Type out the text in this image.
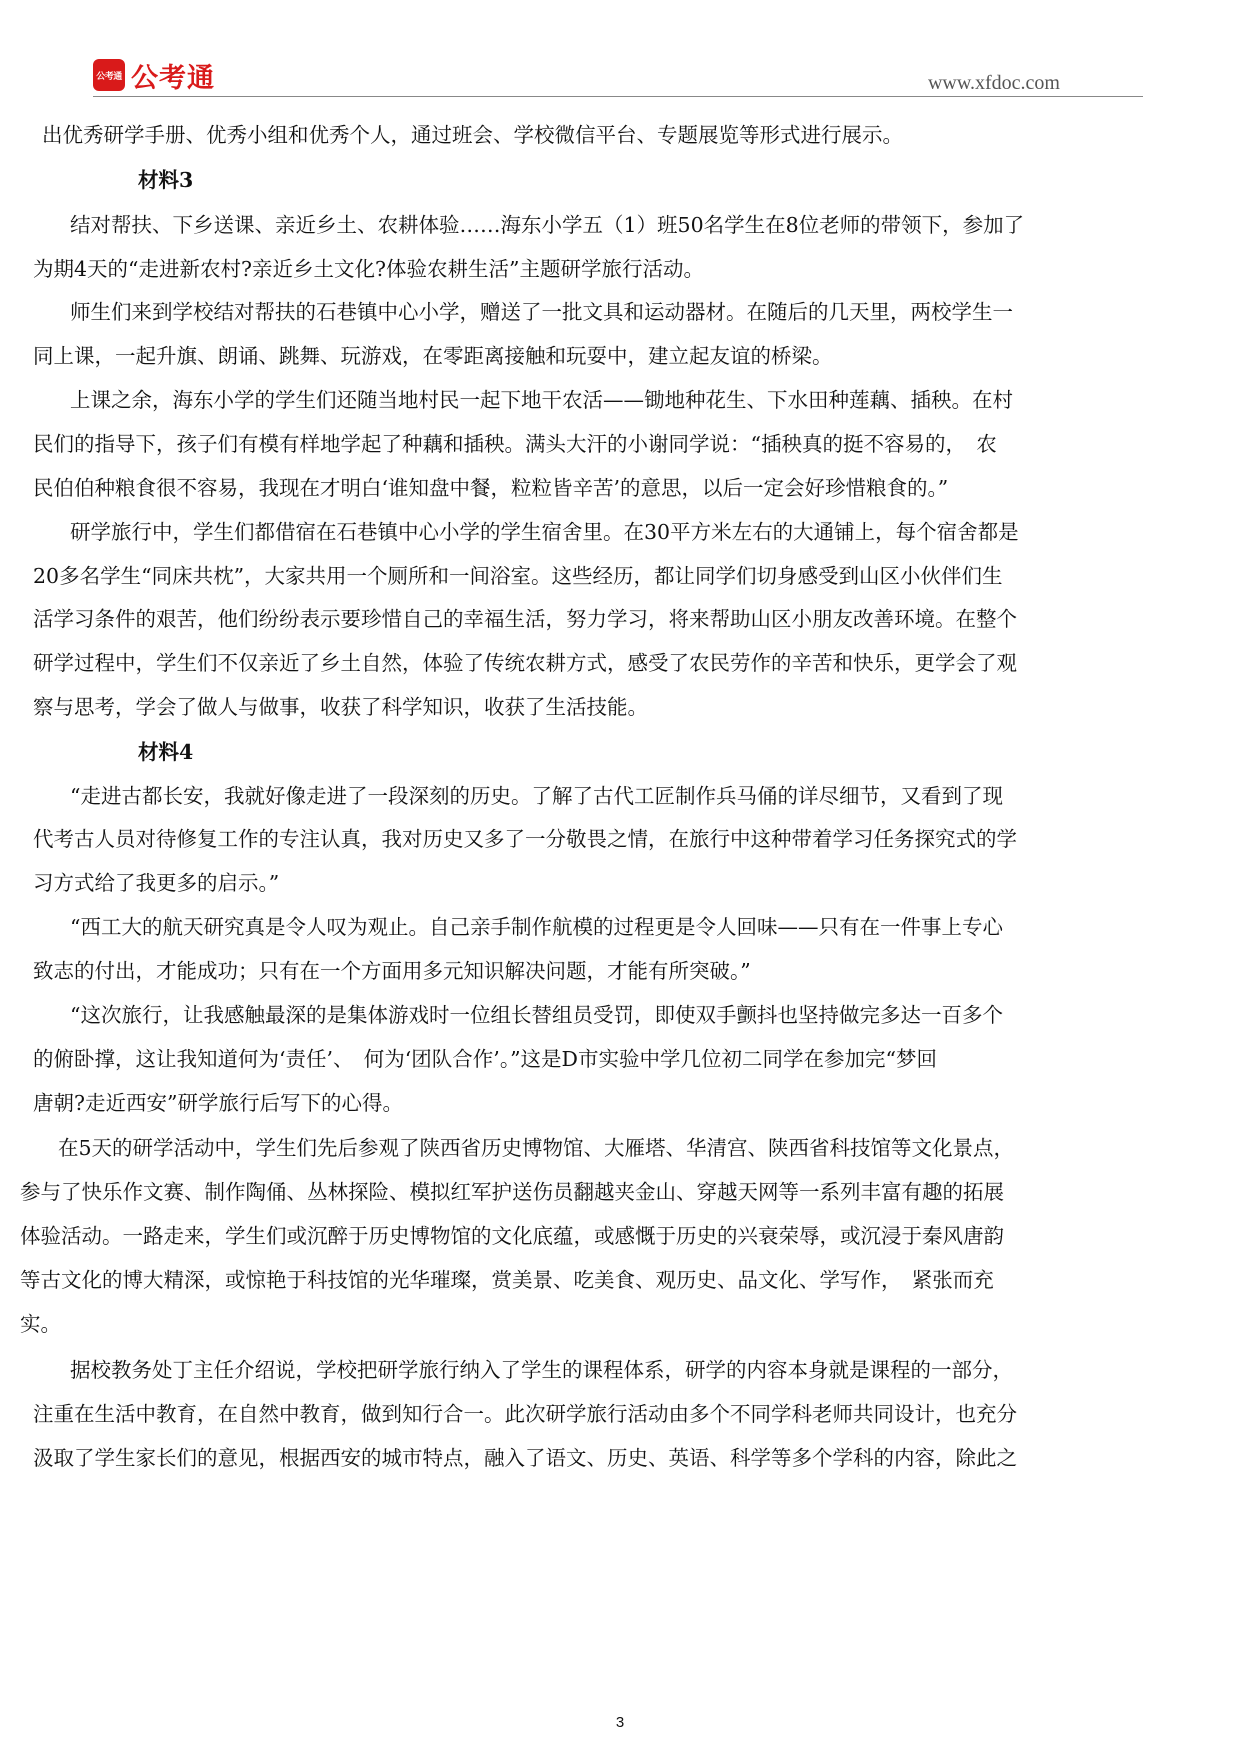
公考通 公考通	www.xfdoc.com
出优秀研学手册、优秀小组和优秀个人，通过班会、学校微信平台、专题展览等形式进行展示。
材料3
结对帮扶、下乡送课、亲近乡土、农耕体验……海东小学五（1）班50名学生在8位老师的带领下，参加了
为期4天的“走进新农村?亲近乡土文化?体验农耕生活”主题研学旅行活动。
师生们来到学校结对帮扶的石巷镇中心小学，赠送了一批文具和运动器材。在随后的几天里，两校学生一
同上课，一起升旗、朗诵、跳舞、玩游戏，在零距离接触和玩耍中，建立起友谊的桥梁。
上课之余，海东小学的学生们还随当地村民一起下地干农活——锄地种花生、下水田种莲藕、插秧。在村
民们的指导下，孩子们有模有样地学起了种藕和插秧。满头大汗的小谢同学说：“插秧真的挺不容易的，　农
民伯伯种粮食很不容易，我现在才明白‘谁知盘中餐，粒粒皆辛苦’的意思，以后一定会好珍惜粮食的。”
研学旅行中，学生们都借宿在石巷镇中心小学的学生宿舍里。在30平方米左右的大通铺上，每个宿舍都是
20多名学生“同床共枕”，大家共用一个厕所和一间浴室。这些经历，都让同学们切身感受到山区小伙伴们生
活学习条件的艰苦，他们纷纷表示要珍惜自己的幸福生活，努力学习，将来帮助山区小朋友改善环境。在整个
研学过程中，学生们不仅亲近了乡土自然，体验了传统农耕方式，感受了农民劳作的辛苦和快乐，更学会了观
察与思考，学会了做人与做事，收获了科学知识，收获了生活技能。
材料4
“走进古都长安，我就好像走进了一段深刻的历史。了解了古代工匠制作兵马俑的详尽细节，又看到了现
代考古人员对待修复工作的专注认真，我对历史又多了一分敬畏之情，在旅行中这种带着学习任务探究式的学
习方式给了我更多的启示。”
“西工大的航天研究真是令人叹为观止。自己亲手制作航模的过程更是令人回味——只有在一件事上专心
致志的付出，才能成功；只有在一个方面用多元知识解决问题，才能有所突破。”
“这次旅行，让我感触最深的是集体游戏时一位组长替组员受罚，即使双手颤抖也坚持做完多达一百多个
的俯卧撑，这让我知道何为‘责任’、　何为‘团队合作’。”这是D市实验中学几位初二同学在参加完“梦回
唐朝?走近西安”研学旅行后写下的心得。
在5天的研学活动中，学生们先后参观了陕西省历史博物馆、大雁塔、华清宫、陕西省科技馆等文化景点，
参与了快乐作文赛、制作陶俑、丛林探险、模拟红军护送伤员翻越夹金山、穿越天网等一系列丰富有趣的拓展
体验活动。一路走来，学生们或沉醉于历史博物馆的文化底蕴，或感慨于历史的兴衰荣辱，或沉浸于秦风唐韵
等古文化的博大精深，或惊艳于科技馆的光华璀璨，赏美景、吃美食、观历史、品文化、学写作，　紧张而充
实。
据校教务处丁主任介绍说，学校把研学旅行纳入了学生的课程体系，研学的内容本身就是课程的一部分，
注重在生活中教育，在自然中教育，做到知行合一。此次研学旅行活动由多个不同学科老师共同设计，也充分
汲取了学生家长们的意见，根据西安的城市特点，融入了语文、历史、英语、科学等多个学科的内容，除此之
3
